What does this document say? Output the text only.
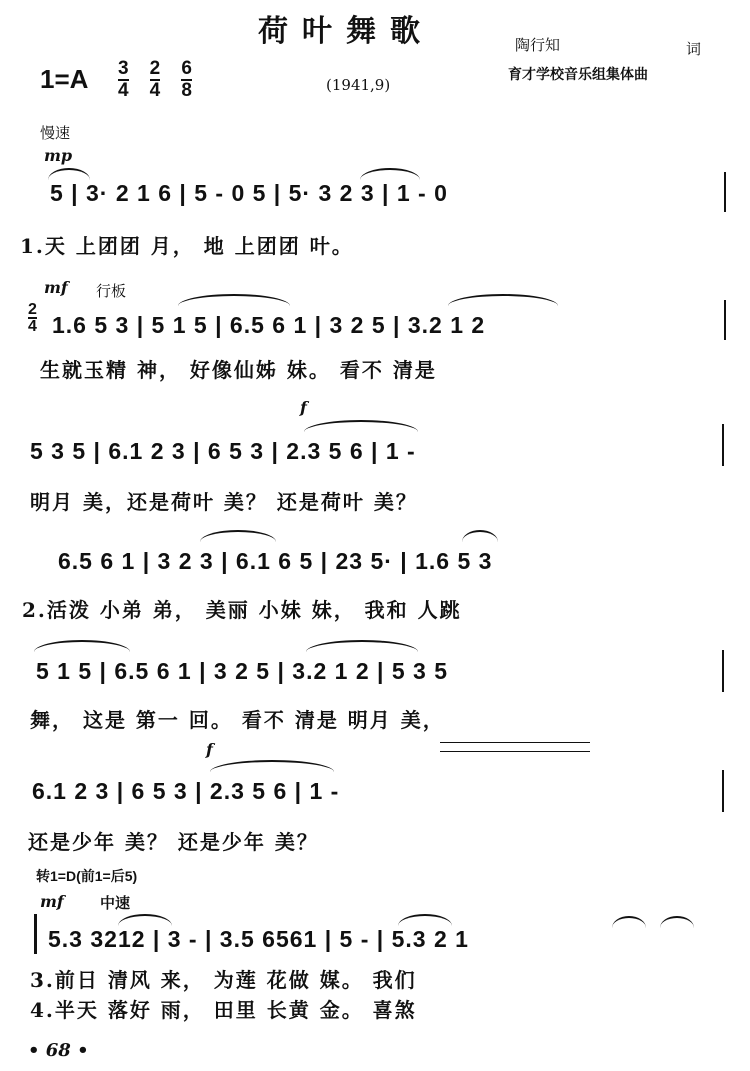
荷叶舞歌	陶行知	词
$1=A \frac{3}{4}$
$\frac{2}{4}$
$\frac{6}{8}$	(1941,9)
育才学校音乐组集体曲
慢速
mp
5 | 3· 2 1 6 | 5 - 0 5 | 5· 3 2 3 | 1 - 0
1.天 上团团 月， 地 上团团 叶。
mf 行板
2
4 1.6 5 3 | 5 1 5 | 6.5 6 1 | 3 2 5 | 3.2 1 2
生就玉精 神， 好像仙姊 妹。 看不 清是
f
5 3 5 | 6.1 2 3 | 6 5 3 | 2.3 5 6 | 1 -
明月 美，还是荷叶 美？ 还是荷叶 美？
6.5 6 1 | 3 2 3 | 6.1 6 5 | 23 5· | 1.6 5 3
2.活泼 小弟 弟， 美丽 小妹 妹， 我和 人跳
5 1 5 | 6.5 6 1 | 3 2 5 | 3.2 1 2 | 5 3 5
舞， 这是 第一 回。 看不 清是 明月 美，
f
6.1 2 3 | 6 5 3 | 2.3 5 6 | 1 -
还是少年 美？ 还是少年 美？
转1=D(前1=后5)
mf 中速
5.3 3212 | 3 - | 3.5 6561 | 5 - | 5.3 2 1
3.前日 清风 来， 为莲 花做 媒。 我们
4.半天 落好 雨， 田里 长黄 金。 喜煞
• 68 •
